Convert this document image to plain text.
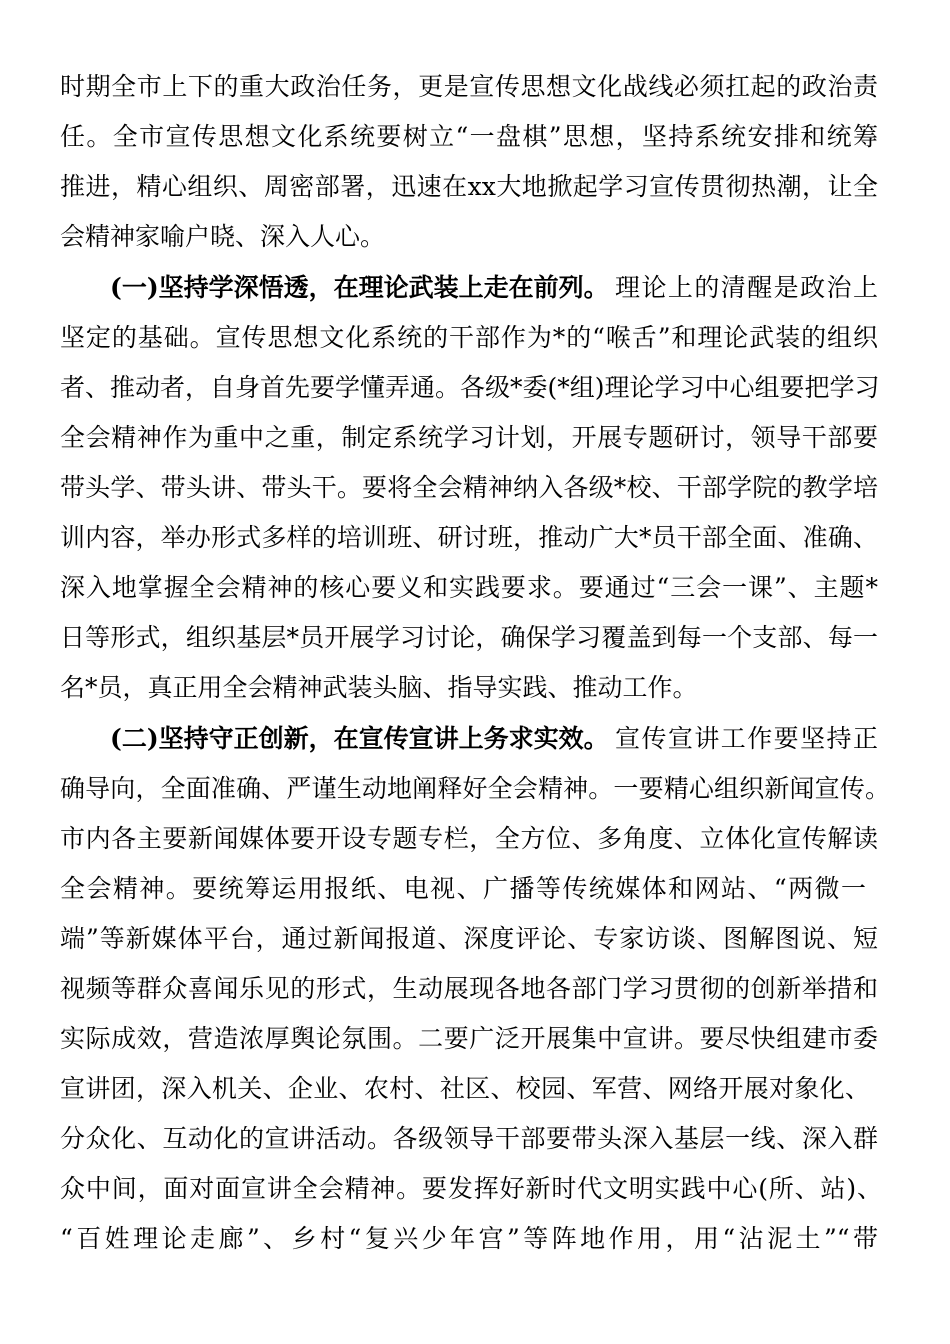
时期全市上下的重大政治任务，更是宣传思想文化战线必须扛起的政治责
任。全市宣传思想文化系统要树立“一盘棋”思想，坚持系统安排和统筹
推进，精心组织、周密部署，迅速在xx大地掀起学习宣传贯彻热潮，让全
会精神家喻户晓、深入人心。
(一)坚持学深悟透，在理论武装上走在前列。 理论上的清醒是政治上
坚定的基础。宣传思想文化系统的干部作为*的“喉舌”和理论武装的组织
者、推动者，自身首先要学懂弄通。各级*委(*组)理论学习中心组要把学习
全会精神作为重中之重，制定系统学习计划，开展专题研讨，领导干部要
带头学、带头讲、带头干。要将全会精神纳入各级*校、干部学院的教学培
训内容，举办形式多样的培训班、研讨班，推动广大*员干部全面、准确、
深入地掌握全会精神的核心要义和实践要求。要通过“三会一课”、主题*
日等形式，组织基层*员开展学习讨论，确保学习覆盖到每一个支部、每一
名*员，真正用全会精神武装头脑、指导实践、推动工作。
(二)坚持守正创新，在宣传宣讲上务求实效。 宣传宣讲工作要坚持正
确导向，全面准确、严谨生动地阐释好全会精神。一要精心组织新闻宣传。
市内各主要新闻媒体要开设专题专栏，全方位、多角度、立体化宣传解读
全会精神。要统筹运用报纸、电视、广播等传统媒体和网站、“两微一
端”等新媒体平台，通过新闻报道、深度评论、专家访谈、图解图说、短
视频等群众喜闻乐见的形式，生动展现各地各部门学习贯彻的创新举措和
实际成效，营造浓厚舆论氛围。二要广泛开展集中宣讲。要尽快组建市委
宣讲团，深入机关、企业、农村、社区、校园、军营、网络开展对象化、
分众化、互动化的宣讲活动。各级领导干部要带头深入基层一线、深入群
众中间，面对面宣讲全会精神。要发挥好新时代文明实践中心(所、站)、
“百姓理论走廊”、乡村“复兴少年宫”等阵地作用，用“沾泥土”“带
